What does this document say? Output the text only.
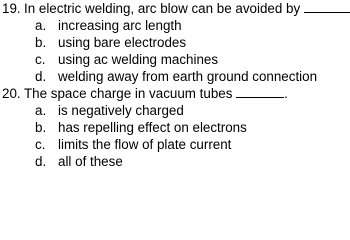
19. In electric welding, arc blow can be avoided by
a. increasing arc length
b. using bare electrodes
c. using ac welding machines
d. welding away from earth ground connection
20. The space charge in vacuum tubes	.
a. is negatively charged
b. has repelling effect on electrons
c. limits the flow of plate current
d. all of these
